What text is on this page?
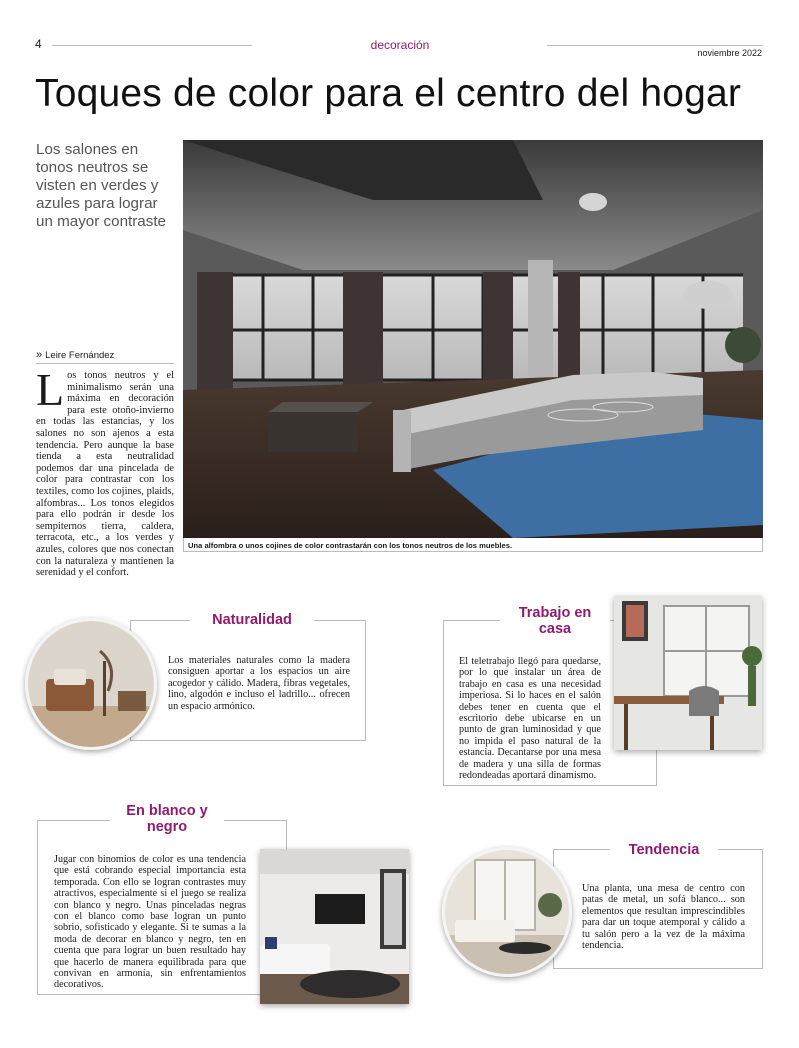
4	decoración
noviembre 2022
Toques de color para el centro del hogar
Los salones en tonos neutros se visten en verdes y azules para lograr un mayor contraste
» Leire Fernández
Los tonos neutros y el minimalismo serán una máxima en decoración para este otoño-invierno en todas las estancias, y los salones no son ajenos a esta tendencia. Pero aunque la base tienda a esta neutralidad podemos dar una pincelada de color para contrastar con los textiles, como los cojines, plaids, alfombras... Los tonos elegidos para ello podrán ir desde los sempiternos tierra, caldera, terracota, etc., a los verdes y azules, colores que nos conectan con la naturaleza y mantienen la serenidad y el confort.
Una alfombra o unos cojines de color contrastarán con los tonos neutros de los muebles.
Naturalidad
Los materiales naturales como la madera consiguen aportar a los espacios un aire acogedor y cálido. Madera, fibras vegetales, lino, algodón e incluso el ladrillo... ofrecen un espacio armónico.
Trabajo en
casa
El teletrabajo llegó para quedarse, por lo que instalar un área de trabajo en casa es una necesidad imperiosa. Si lo haces en el salón debes tener en cuenta que el escritorio debe ubicarse en un punto de gran luminosidad y que no impida el paso natural de la estancia. Decantarse por una mesa de madera y una silla de formas redondeadas aportará dinamismo.
En blanco y
negro
Jugar con binomios de color es una tendencia que está cobrando especial importancia esta temporada. Con ello se logran contrastes muy atractivos, especialmente si el juego se realiza con blanco y negro. Unas pinceladas negras con el blanco como base logran un punto sobrio, sofisticado y elegante. Si te sumas a la moda de decorar en blanco y negro, ten en cuenta que para lograr un buen resultado hay que hacerlo de manera equilibrada para que convivan en armonía, sin enfrentamientos decorativos.
Tendencia
Una planta, una mesa de centro con patas de metal, un sofá blanco... son elementos que resultan imprescindibles para dar un toque atemporal y cálido a tu salón pero a la vez de la máxima tendencia.
